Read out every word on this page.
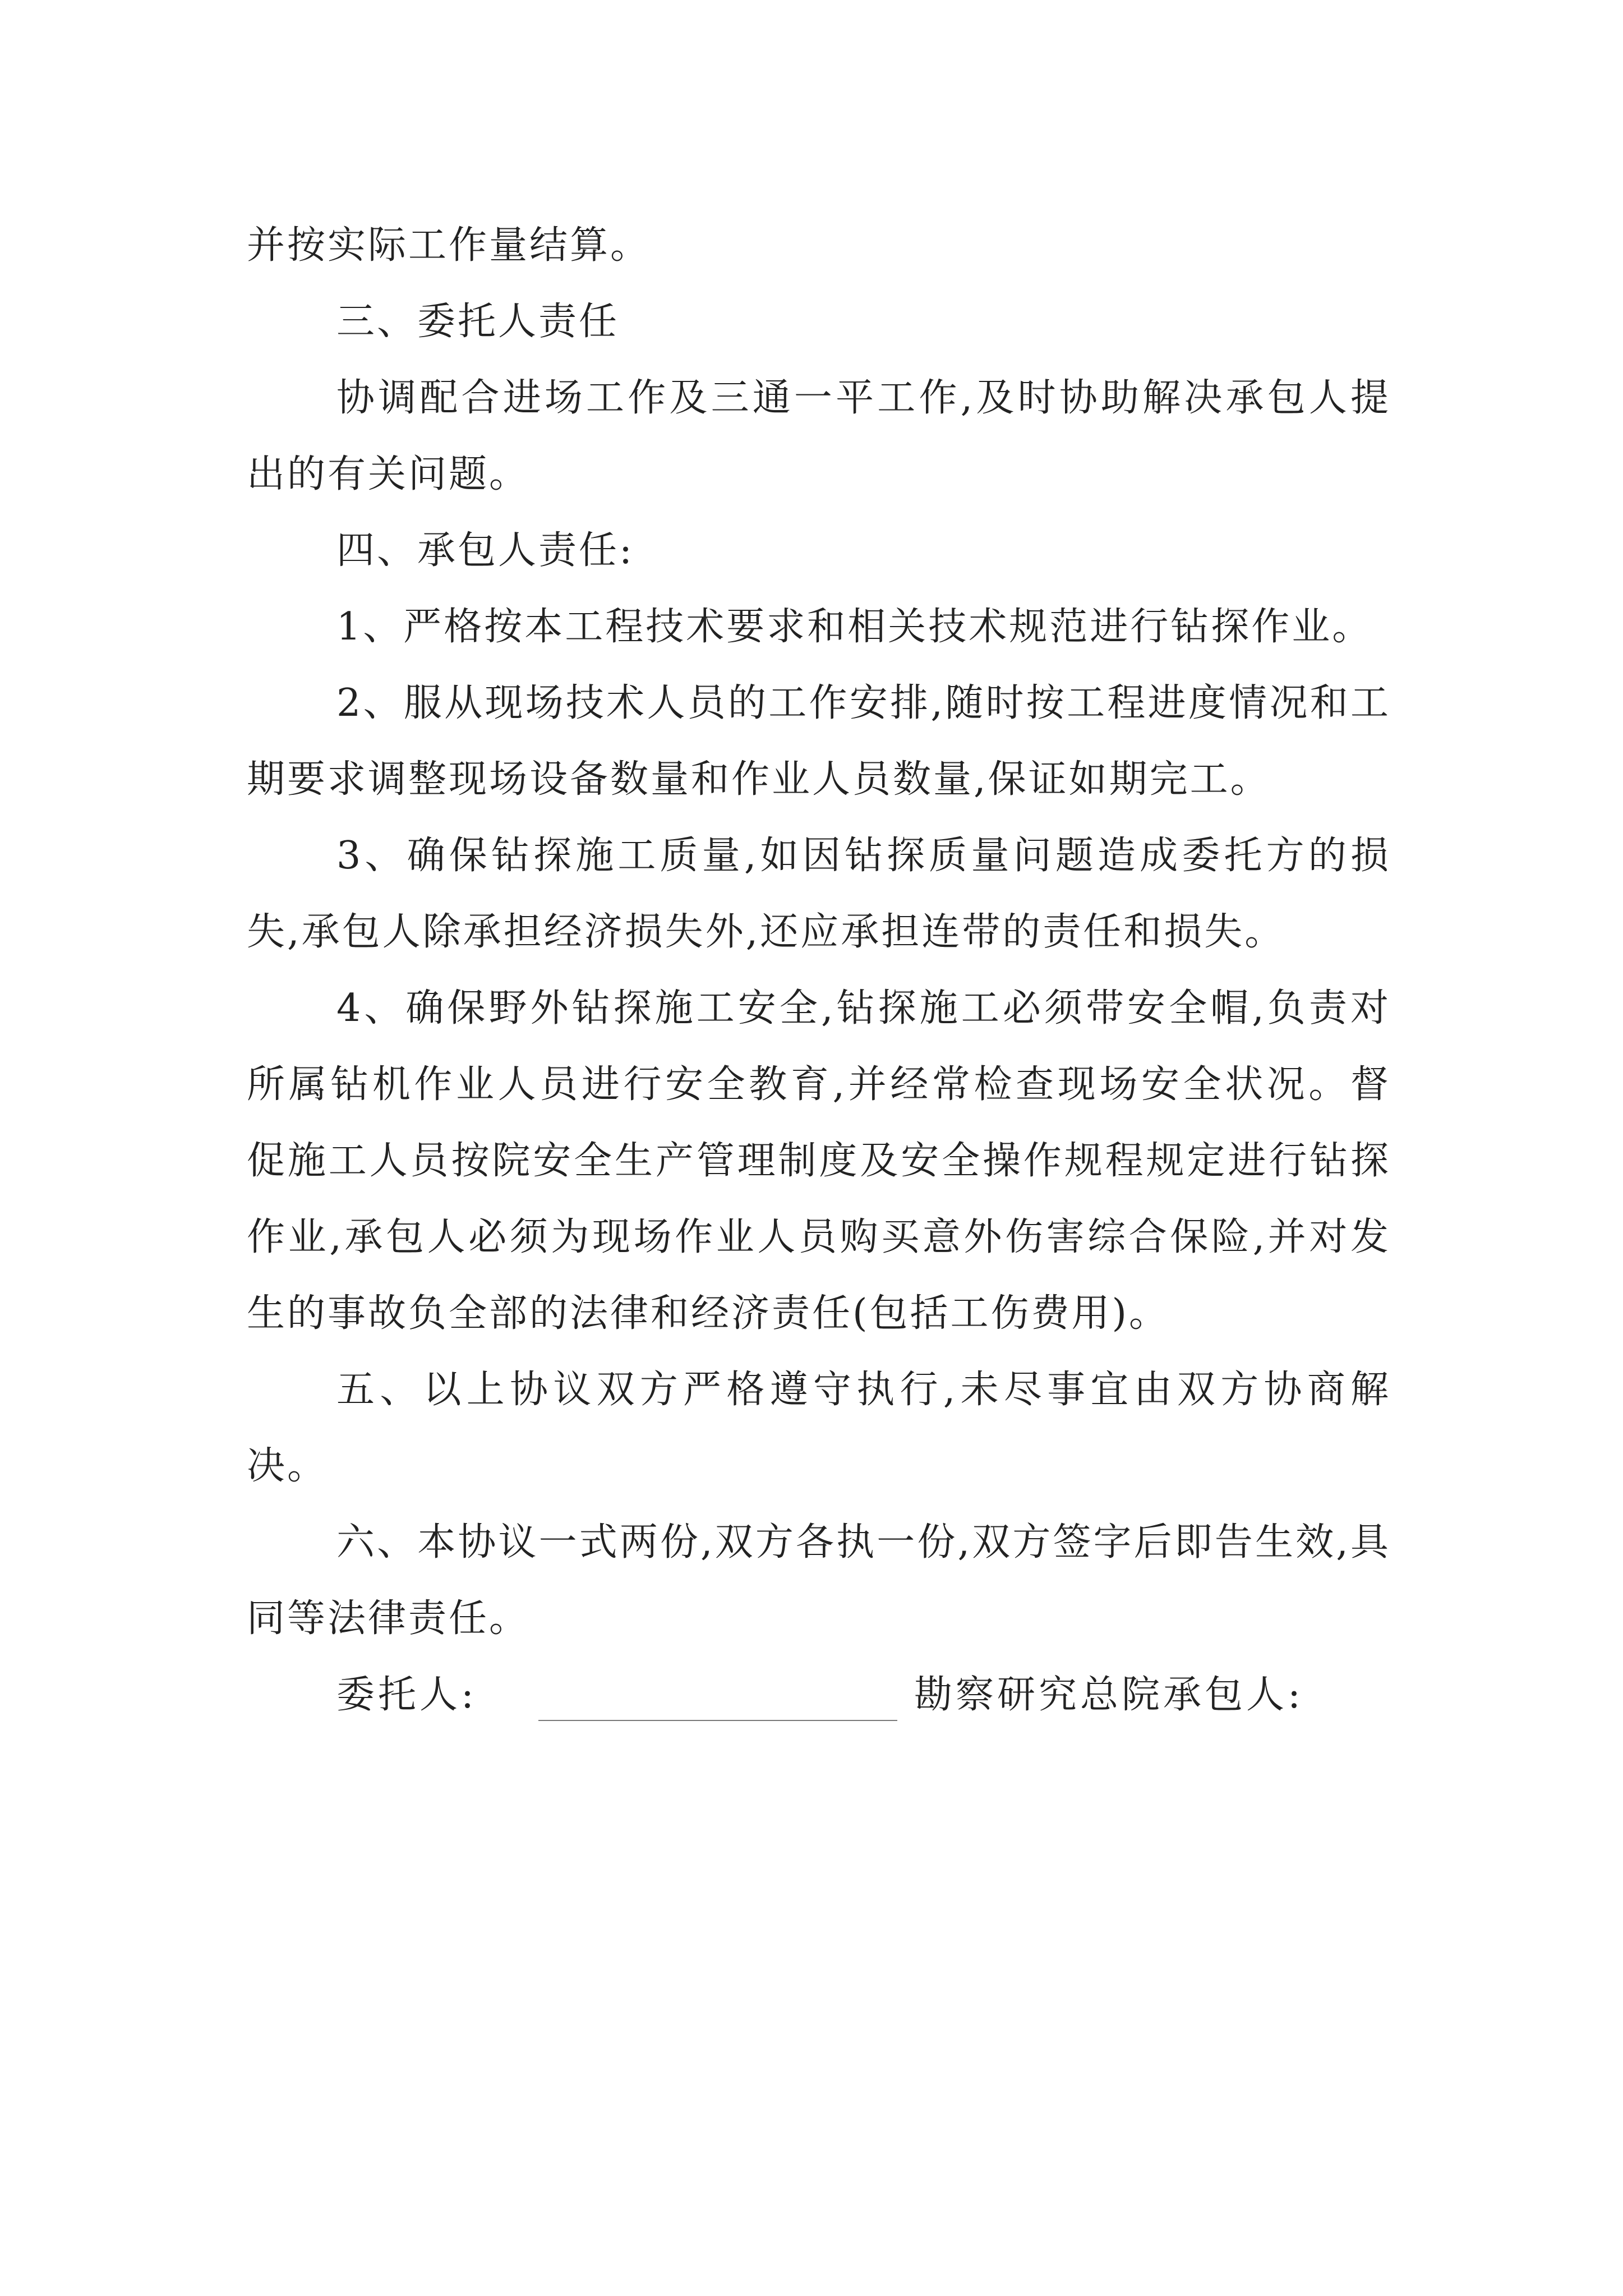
并按实际工作量结算。

三、委托人责任

协调配合进场工作及三通一平工作,及时协助解决承包人提出的有关问题。

四、承包人责任:

1、严格按本工程技术要求和相关技术规范进行钻探作业。

2、服从现场技术人员的工作安排,随时按工程进度情况和工期要求调整现场设备数量和作业人员数量,保证如期完工。

3、确保钻探施工质量,如因钻探质量问题造成委托方的损失,承包人除承担经济损失外,还应承担连带的责任和损失。

4、确保野外钻探施工安全,钻探施工必须带安全帽,负责对所属钻机作业人员进行安全教育,并经常检查现场安全状况。督促施工人员按院安全生产管理制度及安全操作规程规定进行钻探作业,承包人必须为现场作业人员购买意外伤害综合保险,并对发生的事故负全部的法律和经济责任(包括工伤费用)。

五、以上协议双方严格遵守执行,未尽事宜由双方协商解决。

六、本协议一式两份,双方各执一份,双方签字后即告生效,具同等法律责任。

委托人:	勘察研究总院承包人:
